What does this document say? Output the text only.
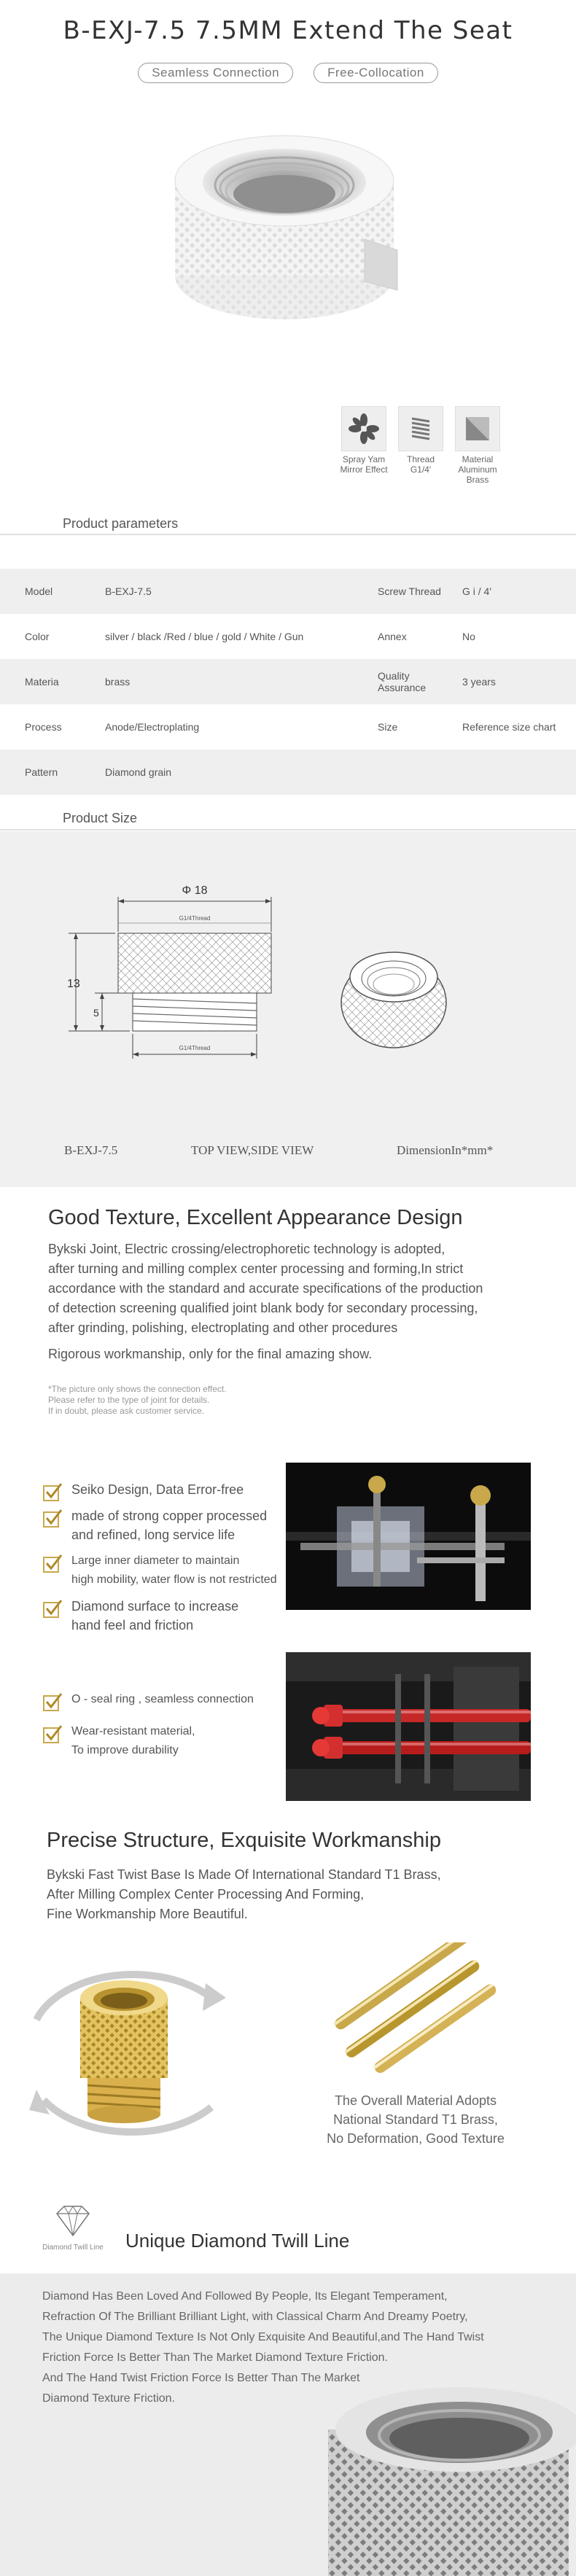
B-EXJ-7.5 7.5MM Extend The Seat
Seamless Connection	Free-Collocation
Spray Yam
Mirror Effect
Thread
G1/4'
Material
Aluminum Brass
Product parameters
Model	B-EXJ-7.5	Screw Thread	G i / 4'
Color	silver / black /Red / blue / gold / White / Gun	Annex	No
Materia	brass	Quality Assurance	3 years
Process	Anode/Electroplating	Size	Reference size chart
Pattern	Diamond grain
Product Size
Φ 18
G1/4Thread
13
5
G1/4Thread
B-EXJ-7.5	TOP VIEW,SIDE VIEW	DimensionIn*mm*
Good Texture, Excellent Appearance Design
Bykski Joint, Electric crossing/electrophoretic technology is adopted,
after turning and milling complex center processing and forming,In strict
accordance with the standard and accurate specifications of the production
of detection screening qualified joint blank body for secondary processing,
after grinding, polishing, electroplating and other procedures
Rigorous workmanship, only for the final amazing show.
*The picture only shows the connection effect.
Please refer to the type of joint for details.
If in doubt, please ask customer service.
Seiko Design, Data Error-free
made of strong copper processed
and refined, long service life
Large inner diameter to maintain
high mobility, water flow is not restricted
Diamond surface to increase
hand feel and friction
O - seal ring , seamless connection
Wear-resistant material,
To improve durability
Precise Structure, Exquisite Workmanship
Bykski Fast Twist Base Is Made Of International Standard T1 Brass,
After Milling Complex Center Processing And Forming,
Fine Workmanship More Beautiful.
The Overall Material Adopts
National Standard T1 Brass,
No Deformation, Good Texture
Diamond Twill Line	Unique Diamond Twill Line
Diamond Has Been Loved And Followed By People, Its Elegant Temperament,
Refraction Of The Brilliant Brilliant Light, with Classical Charm And Dreamy Poetry,
The Unique Diamond Texture Is Not Only Exquisite And Beautiful,and The Hand Twist
Friction Force Is Better Than The Market Diamond Texture Friction.
And The Hand Twist Friction Force Is Better Than The Market
Diamond Texture Friction.
